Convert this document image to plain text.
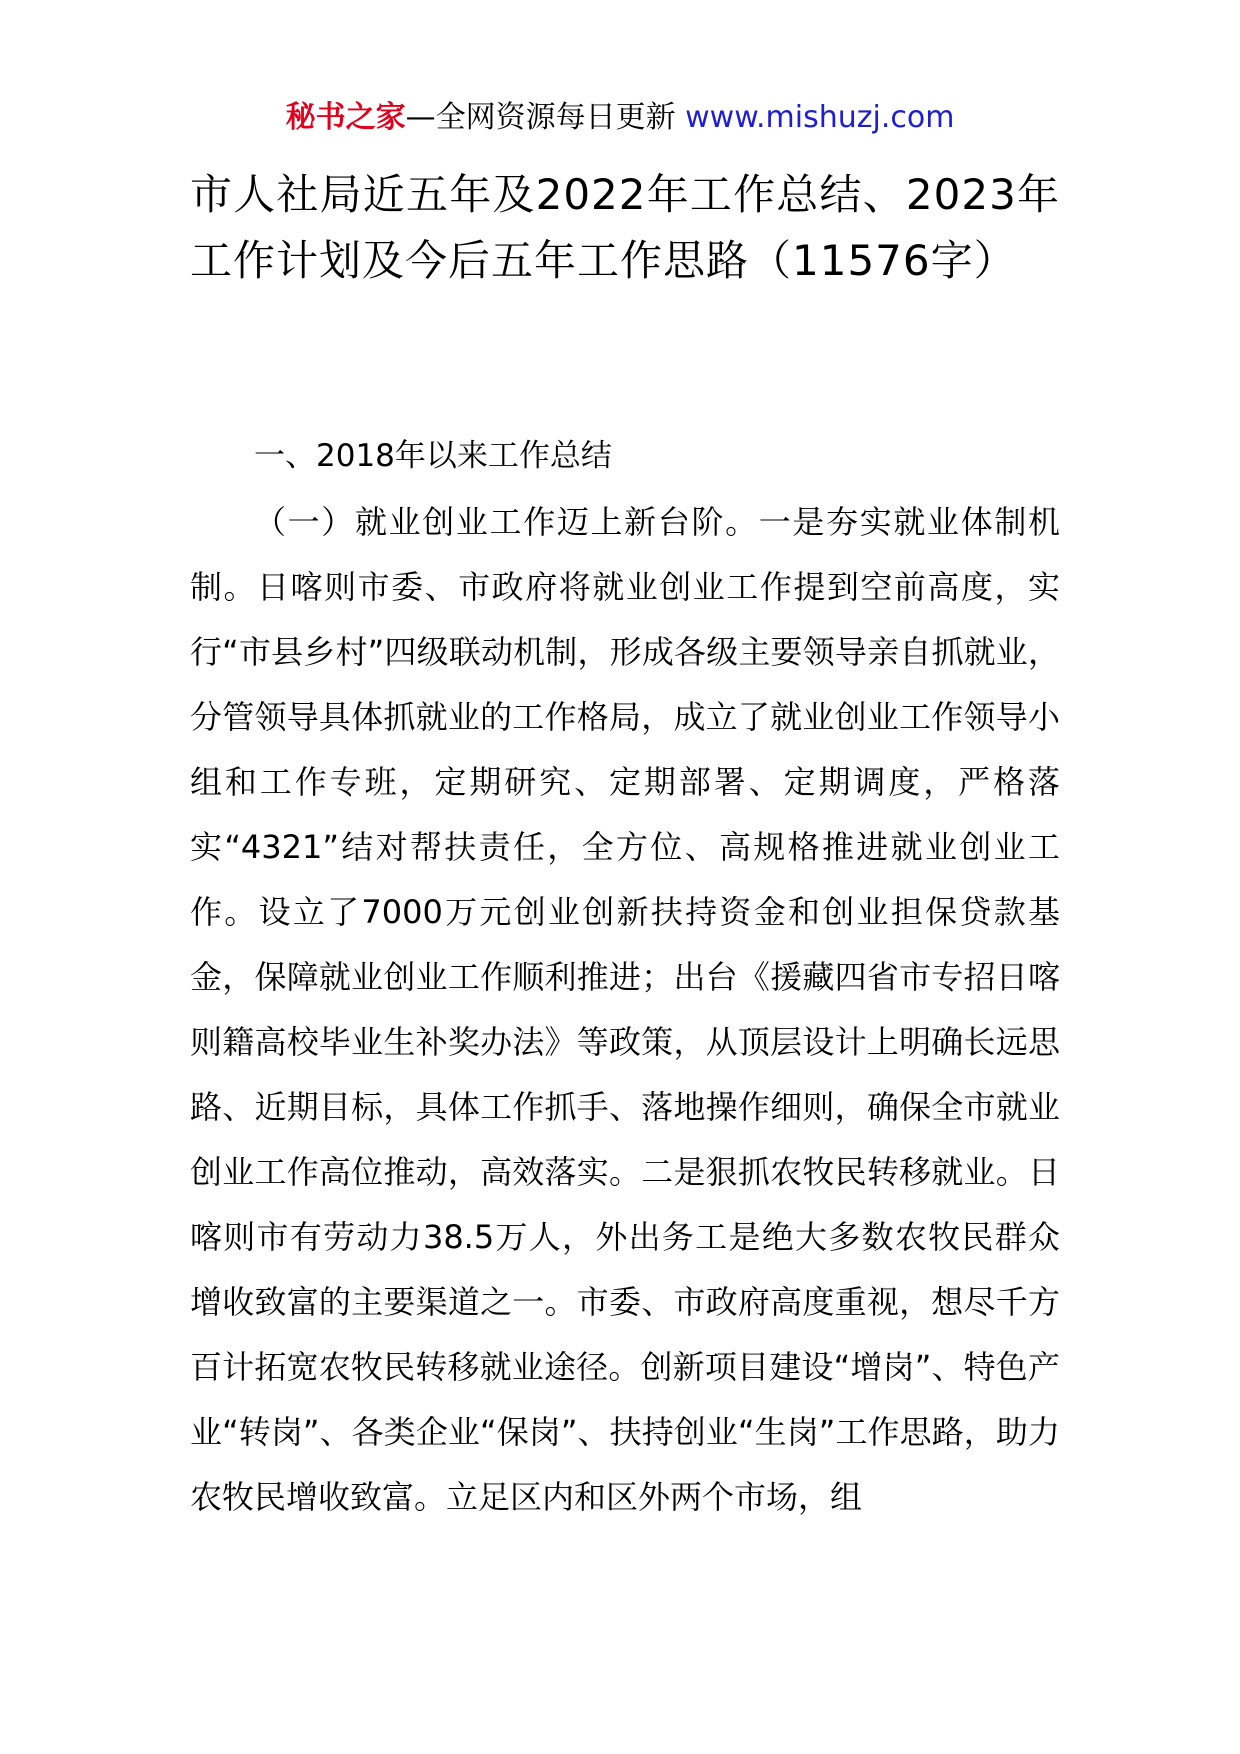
秘书之家—全网资源每日更新 www.mishuzj.com
市人社局近五年及2022年工作总结、2023年工作计划及今后五年工作思路（11576字）

一、2018年以来工作总结

（一）就业创业工作迈上新台阶。一是夯实就业体制机制。日喀则市委、市政府将就业创业工作提到空前高度，实行“市县乡村”四级联动机制，形成各级主要领导亲自抓就业，分管领导具体抓就业的工作格局，成立了就业创业工作领导小组和工作专班，定期研究、定期部署、定期调度，严格落实“4321”结对帮扶责任，全方位、高规格推进就业创业工作。设立了7000万元创业创新扶持资金和创业担保贷款基金，保障就业创业工作顺利推进；出台《援藏四省市专招日喀则籍高校毕业生补奖办法》等政策，从顶层设计上明确长远思路、近期目标，具体工作抓手、落地操作细则，确保全市就业创业工作高位推动，高效落实。二是狠抓农牧民转移就业。日喀则市有劳动力38.5万人，外出务工是绝大多数农牧民群众增收致富的主要渠道之一。市委、市政府高度重视，想尽千方百计拓宽农牧民转移就业途径。创新项目建设“增岗”、特色产业“转岗”、各类企业“保岗”、扶持创业“生岗”工作思路，助力农牧民增收致富。立足区内和区外两个市场，组
